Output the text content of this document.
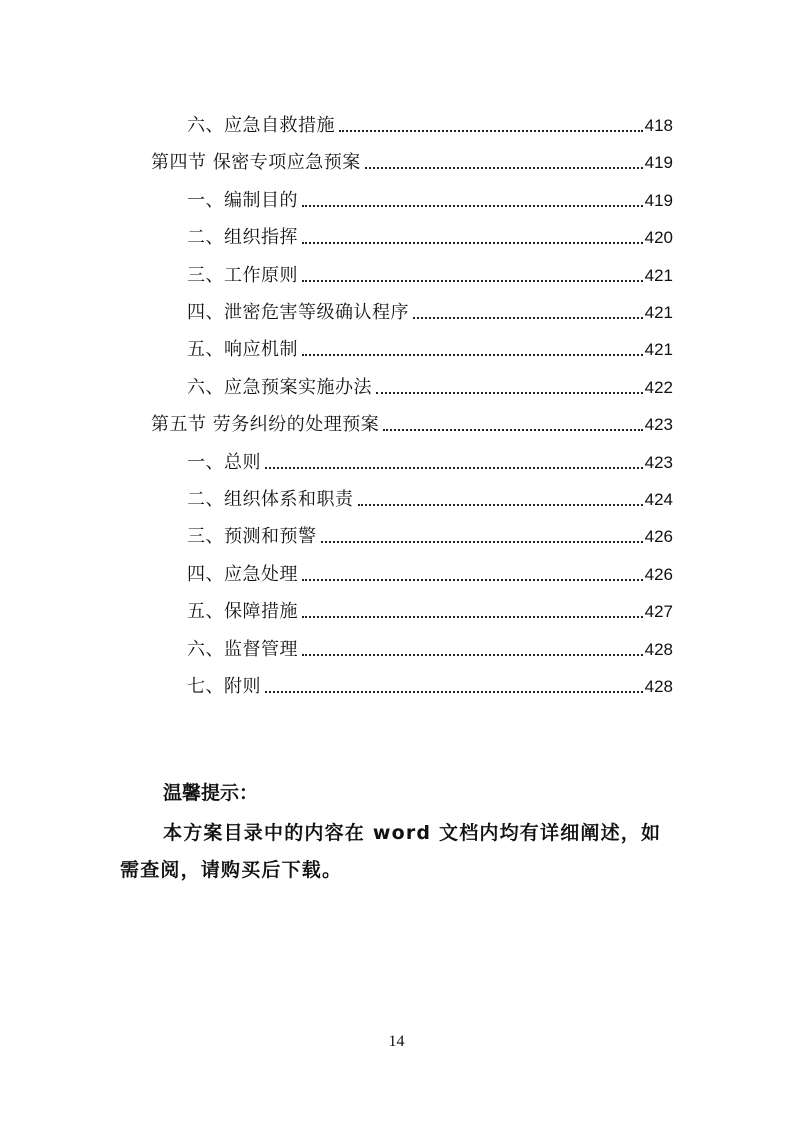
六、应急自救措施	418
第四节 保密专项应急预案	419
一、编制目的	419
二、组织指挥	420
三、工作原则	421
四、泄密危害等级确认程序	421
五、响应机制	421
六、应急预案实施办法	422
第五节 劳务纠纷的处理预案	423
一、总则	423
二、组织体系和职责	424
三、预测和预警	426
四、应急处理	426
五、保障措施	427
六、监督管理	428
七、附则	428
温馨提示：
本方案目录中的内容在 word 文档内均有详细阐述，如需查阅，请购买后下载。
14
